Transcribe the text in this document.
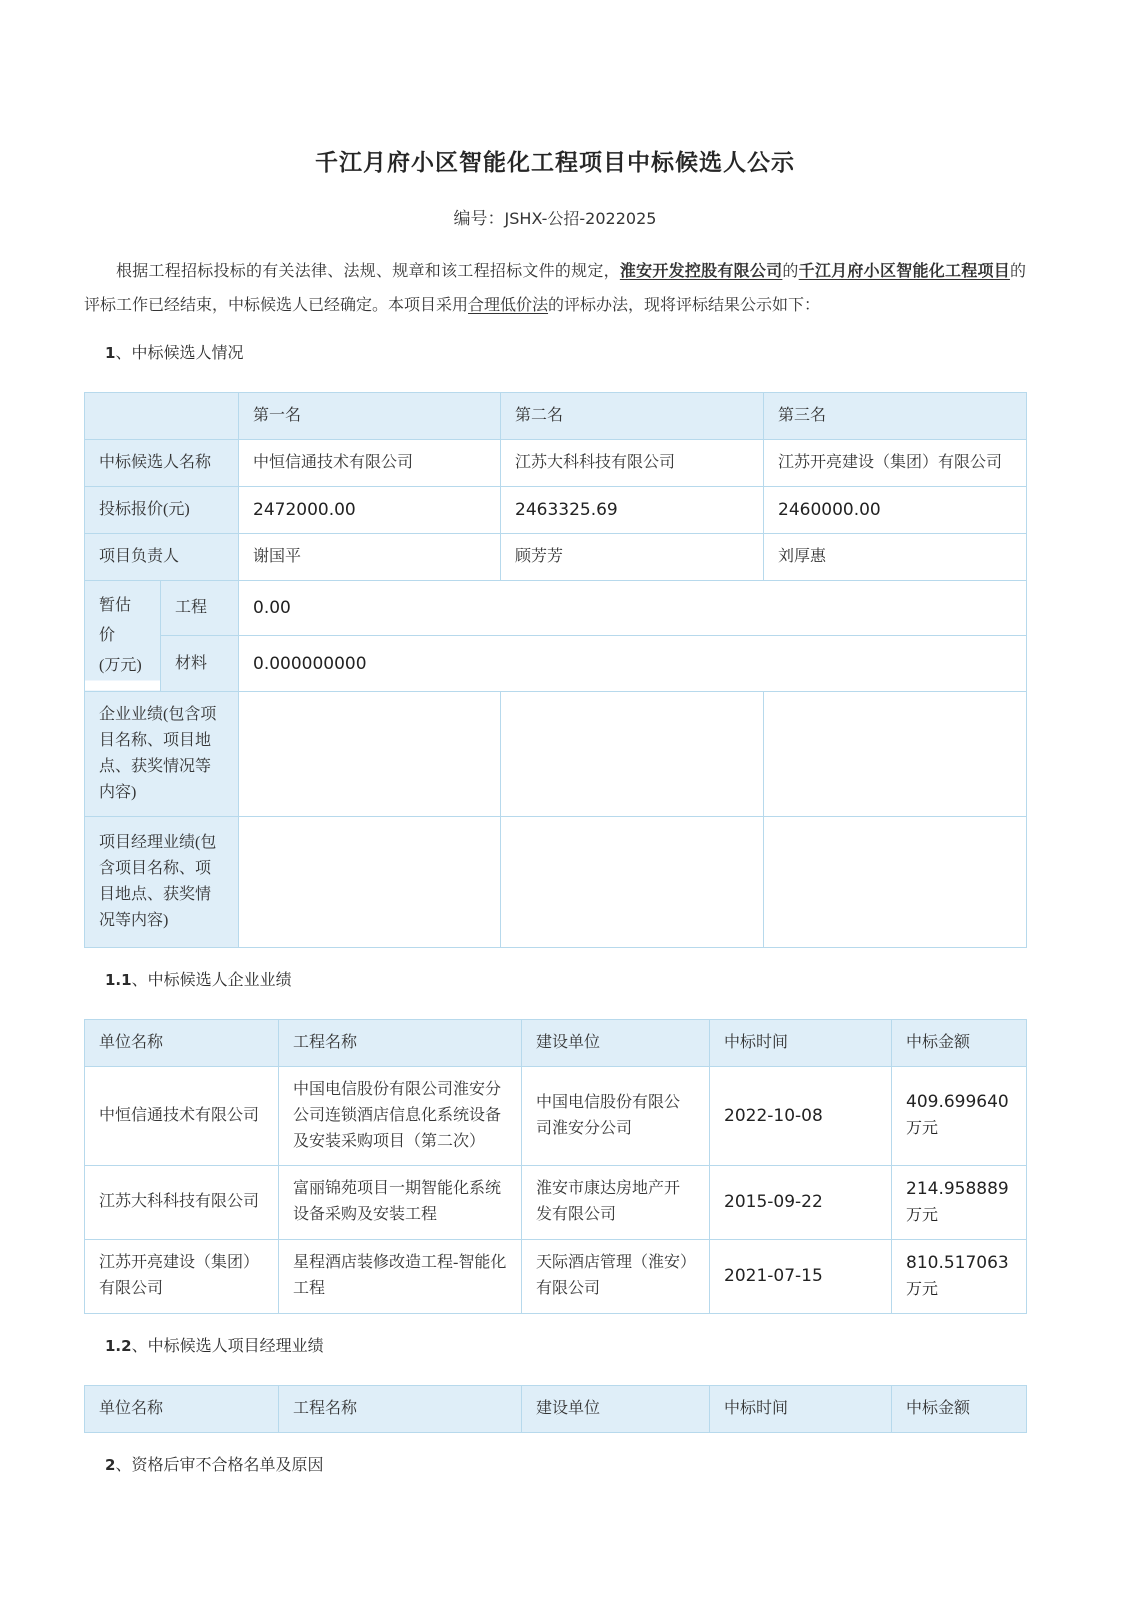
千江月府小区智能化工程项目中标候选人公示
编号：JSHX-公招-2022025

根据工程招标投标的有关法律、法规、规章和该工程招标文件的规定，淮安开发控股有限公司的千江月府小区智能化工程项目的评标工作已经结束，中标候选人已经确定。本项目采用合理低价法的评标办法，现将评标结果公示如下：

1、中标候选人情况
		第一名	第二名	第三名
中标候选人名称		中恒信通技术有限公司	江苏大科科技有限公司	江苏开亮建设（集团）有限公司
投标报价(元)		2472000.00	2463325.69	2460000.00
项目负责人		谢国平	顾芳芳	刘厚惠

暂估价
(万元)	工程	0.00		
	材料	0.000000000		
企业业绩(包含项目名称、项目地点、获奖情况等内容)				
项目经理业绩(包含项目名称、项目地点、获奖情况等内容)				
1.1、中标候选人企业业绩
单位名称	工程名称	建设单位	中标时间	中标金额
中恒信通技术有限公司	中国电信股份有限公司淮安分公司连锁酒店信息化系统设备及安装采购项目（第二次）	中国电信股份有限公司淮安分公司	2022-10-08	409.699640 万元
江苏大科科技有限公司	富丽锦苑项目一期智能化系统设备采购及安装工程	淮安市康达房地产开发有限公司	2015-09-22	214.958889 万元
江苏开亮建设（集团）有限公司	星程酒店装修改造工程-智能化工程	天际酒店管理（淮安）有限公司	2021-07-15	810.517063 万元
1.2、中标候选人项目经理业绩
单位名称	工程名称	建设单位	中标时间	中标金额
2、资格后审不合格名单及原因
